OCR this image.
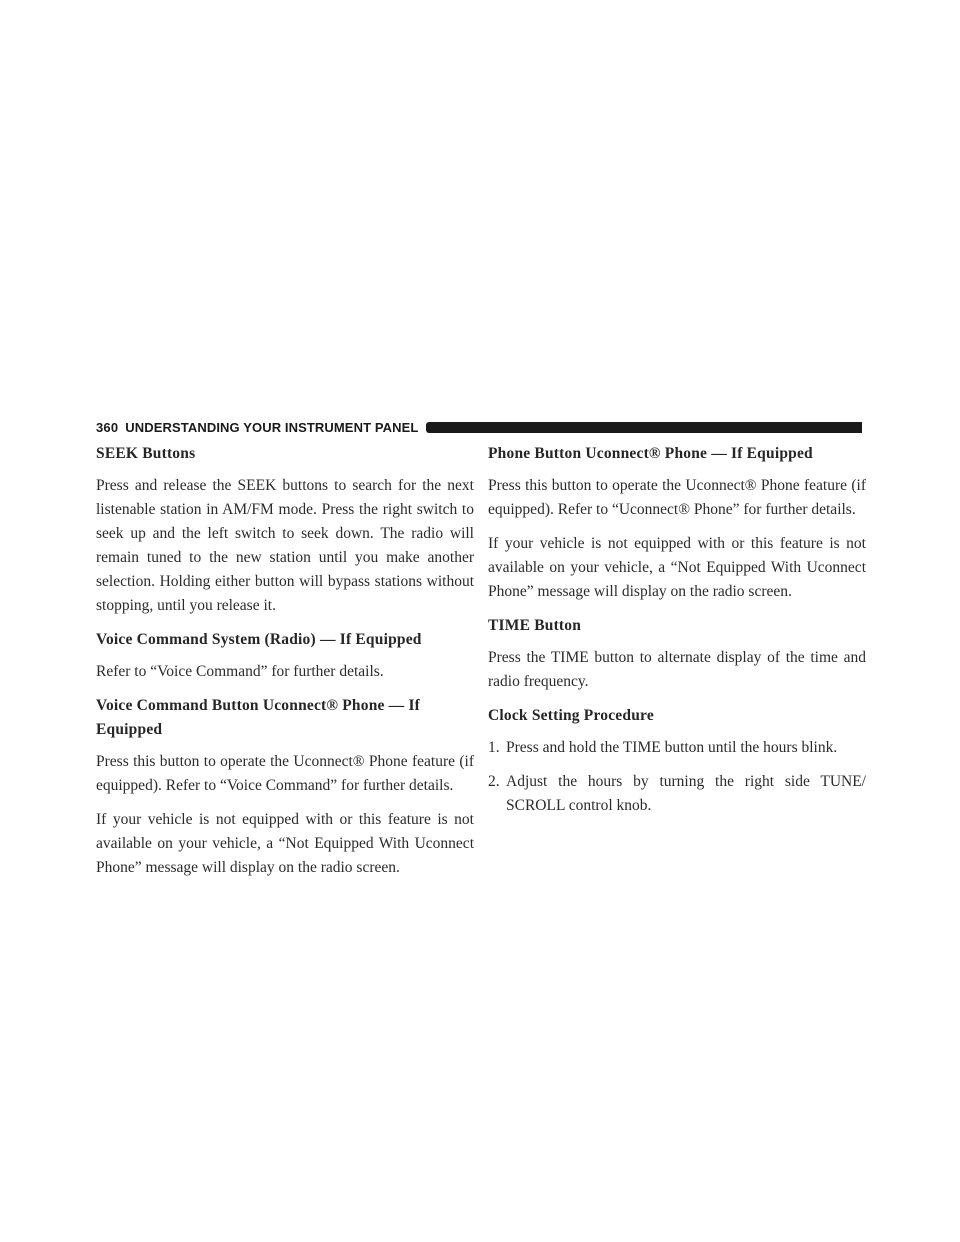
360 UNDERSTANDING YOUR INSTRUMENT PANEL
SEEK Buttons

Press and release the SEEK buttons to search for the next listenable station in AM/FM mode. Press the right switch to seek up and the left switch to seek down. The radio will remain tuned to the new station until you make another selection. Holding either button will bypass stations without stopping, until you release it.

Voice Command System (Radio) — If Equipped

Refer to “Voice Command” for further details.

Voice Command Button Uconnect® Phone — If Equipped

Press this button to operate the Uconnect® Phone feature (if equipped). Refer to “Voice Command” for further details.

If your vehicle is not equipped with or this feature is not available on your vehicle, a “Not Equipped With Uconnect Phone” message will display on the radio screen.

Phone Button Uconnect® Phone — If Equipped

Press this button to operate the Uconnect® Phone feature (if equipped). Refer to “Uconnect® Phone” for further details.

If your vehicle is not equipped with or this feature is not available on your vehicle, a “Not Equipped With Uconnect Phone” message will display on the radio screen.

TIME Button

Press the TIME button to alternate display of the time and radio frequency.

Clock Setting Procedure
1. Press and hold the TIME button until the hours blink.
2. Adjust the hours by turning the right side TUNE/ SCROLL control knob.
